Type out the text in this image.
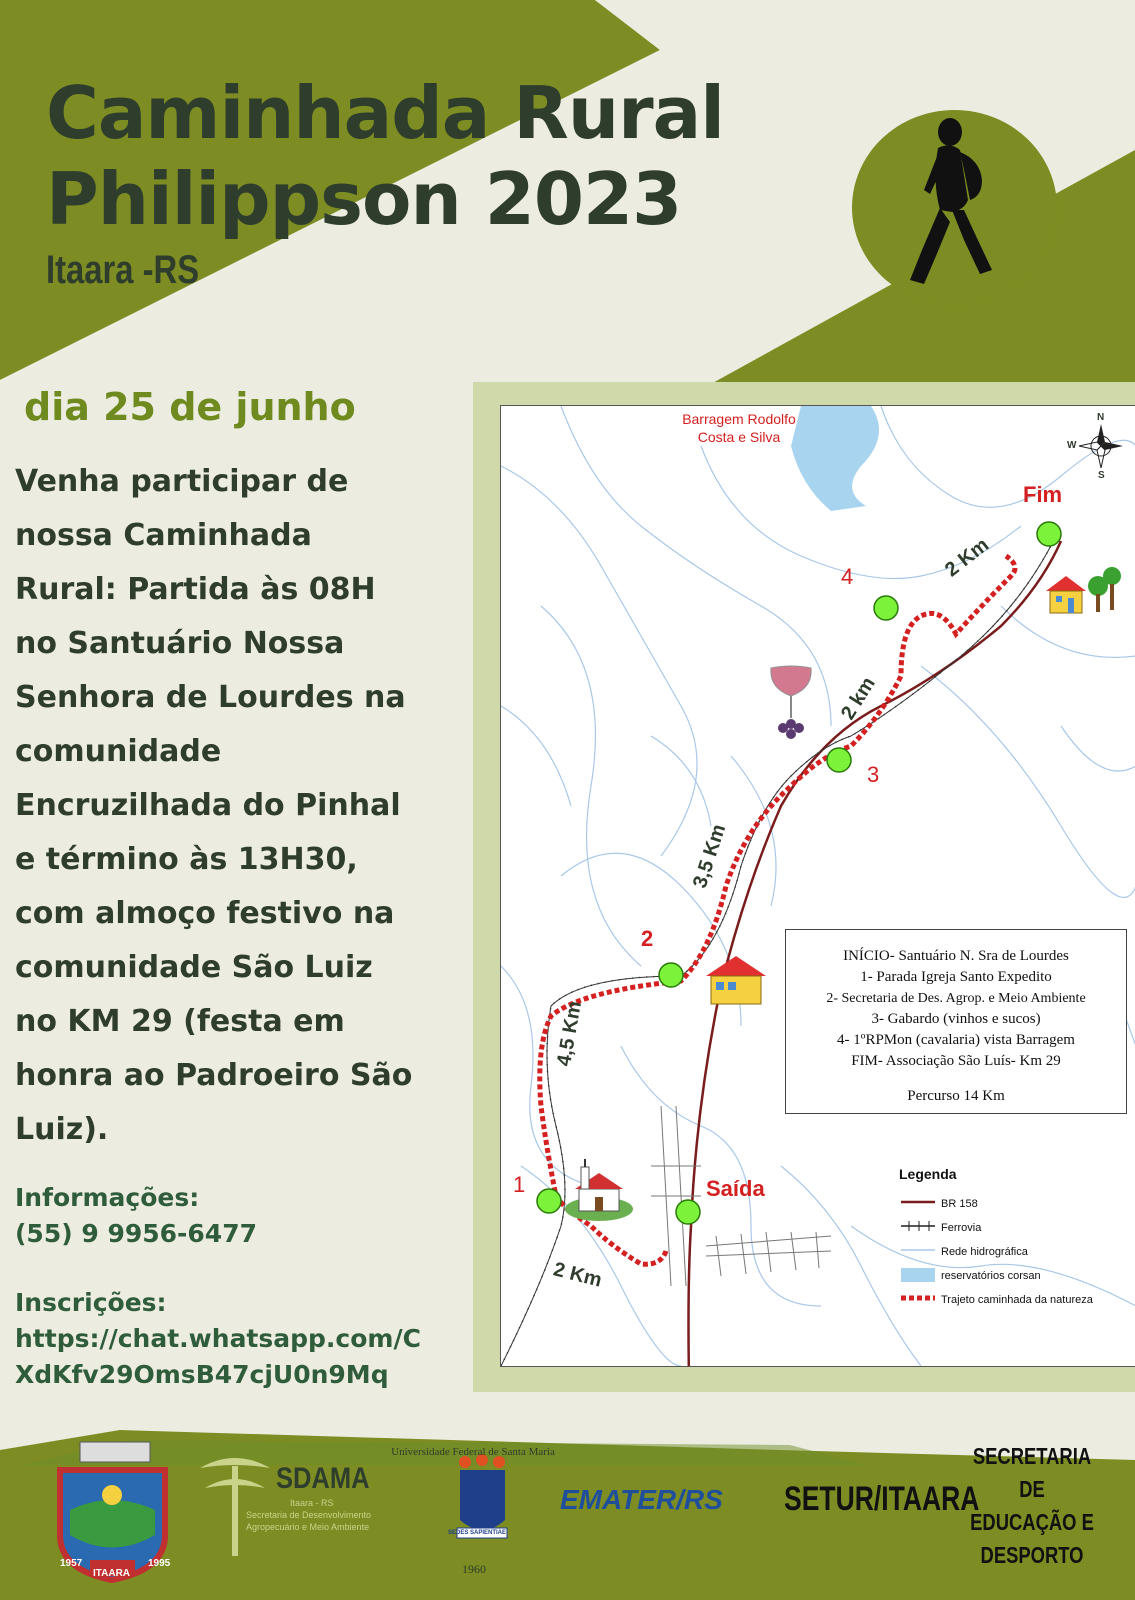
Caminhada Rural
Philippson 2023
Itaara -RS
dia 25 de junho
Venha participar de
nossa Caminhada
Rural: Partida às 08H
no Santuário Nossa
Senhora de Lourdes na
comunidade
Encruzilhada do Pinhal
e término às 13H30,
com almoço festivo na
comunidade São Luiz
no KM 29 (festa em
honra ao Padroeiro São
Luiz).
Informações:
(55) 9 9956-6477
Inscrições:
https://chat.whatsapp.com/C
XdKfv29OmsB47cjU0n9Mq
Barragem Rodolfo
Costa e Silva
N
W
S
Fim
Saída
1
2
3
4
2 Km
4,5 Km
3,5 Km
2 km
2 Km
INÍCIO- Santuário N. Sra de Lourdes
1- Parada Igreja Santo Expedito
2- Secretaria de Des. Agrop. e Meio Ambiente
3- Gabardo (vinhos e sucos)
4- 1ºRPMon (cavalaria) vista Barragem
FIM- Associação São Luís- Km 29
Percurso 14 Km
Legenda
BR 158
Ferrovia
Rede hidrográfica
reservatórios corsan
Trajeto caminhada da natureza
1957	1995
ITAARA
SDAMA
Itaara - RS
Secretaria de Desenvolvimento
Agropecuário e Meio Ambiente
Universidade Federal de Santa Maria
SEDES SAPIENTIAE
1960
EMATER/RS SETUR/ITAARA
SECRETARIA DE
EDUCAÇÃO E
DESPORTO
